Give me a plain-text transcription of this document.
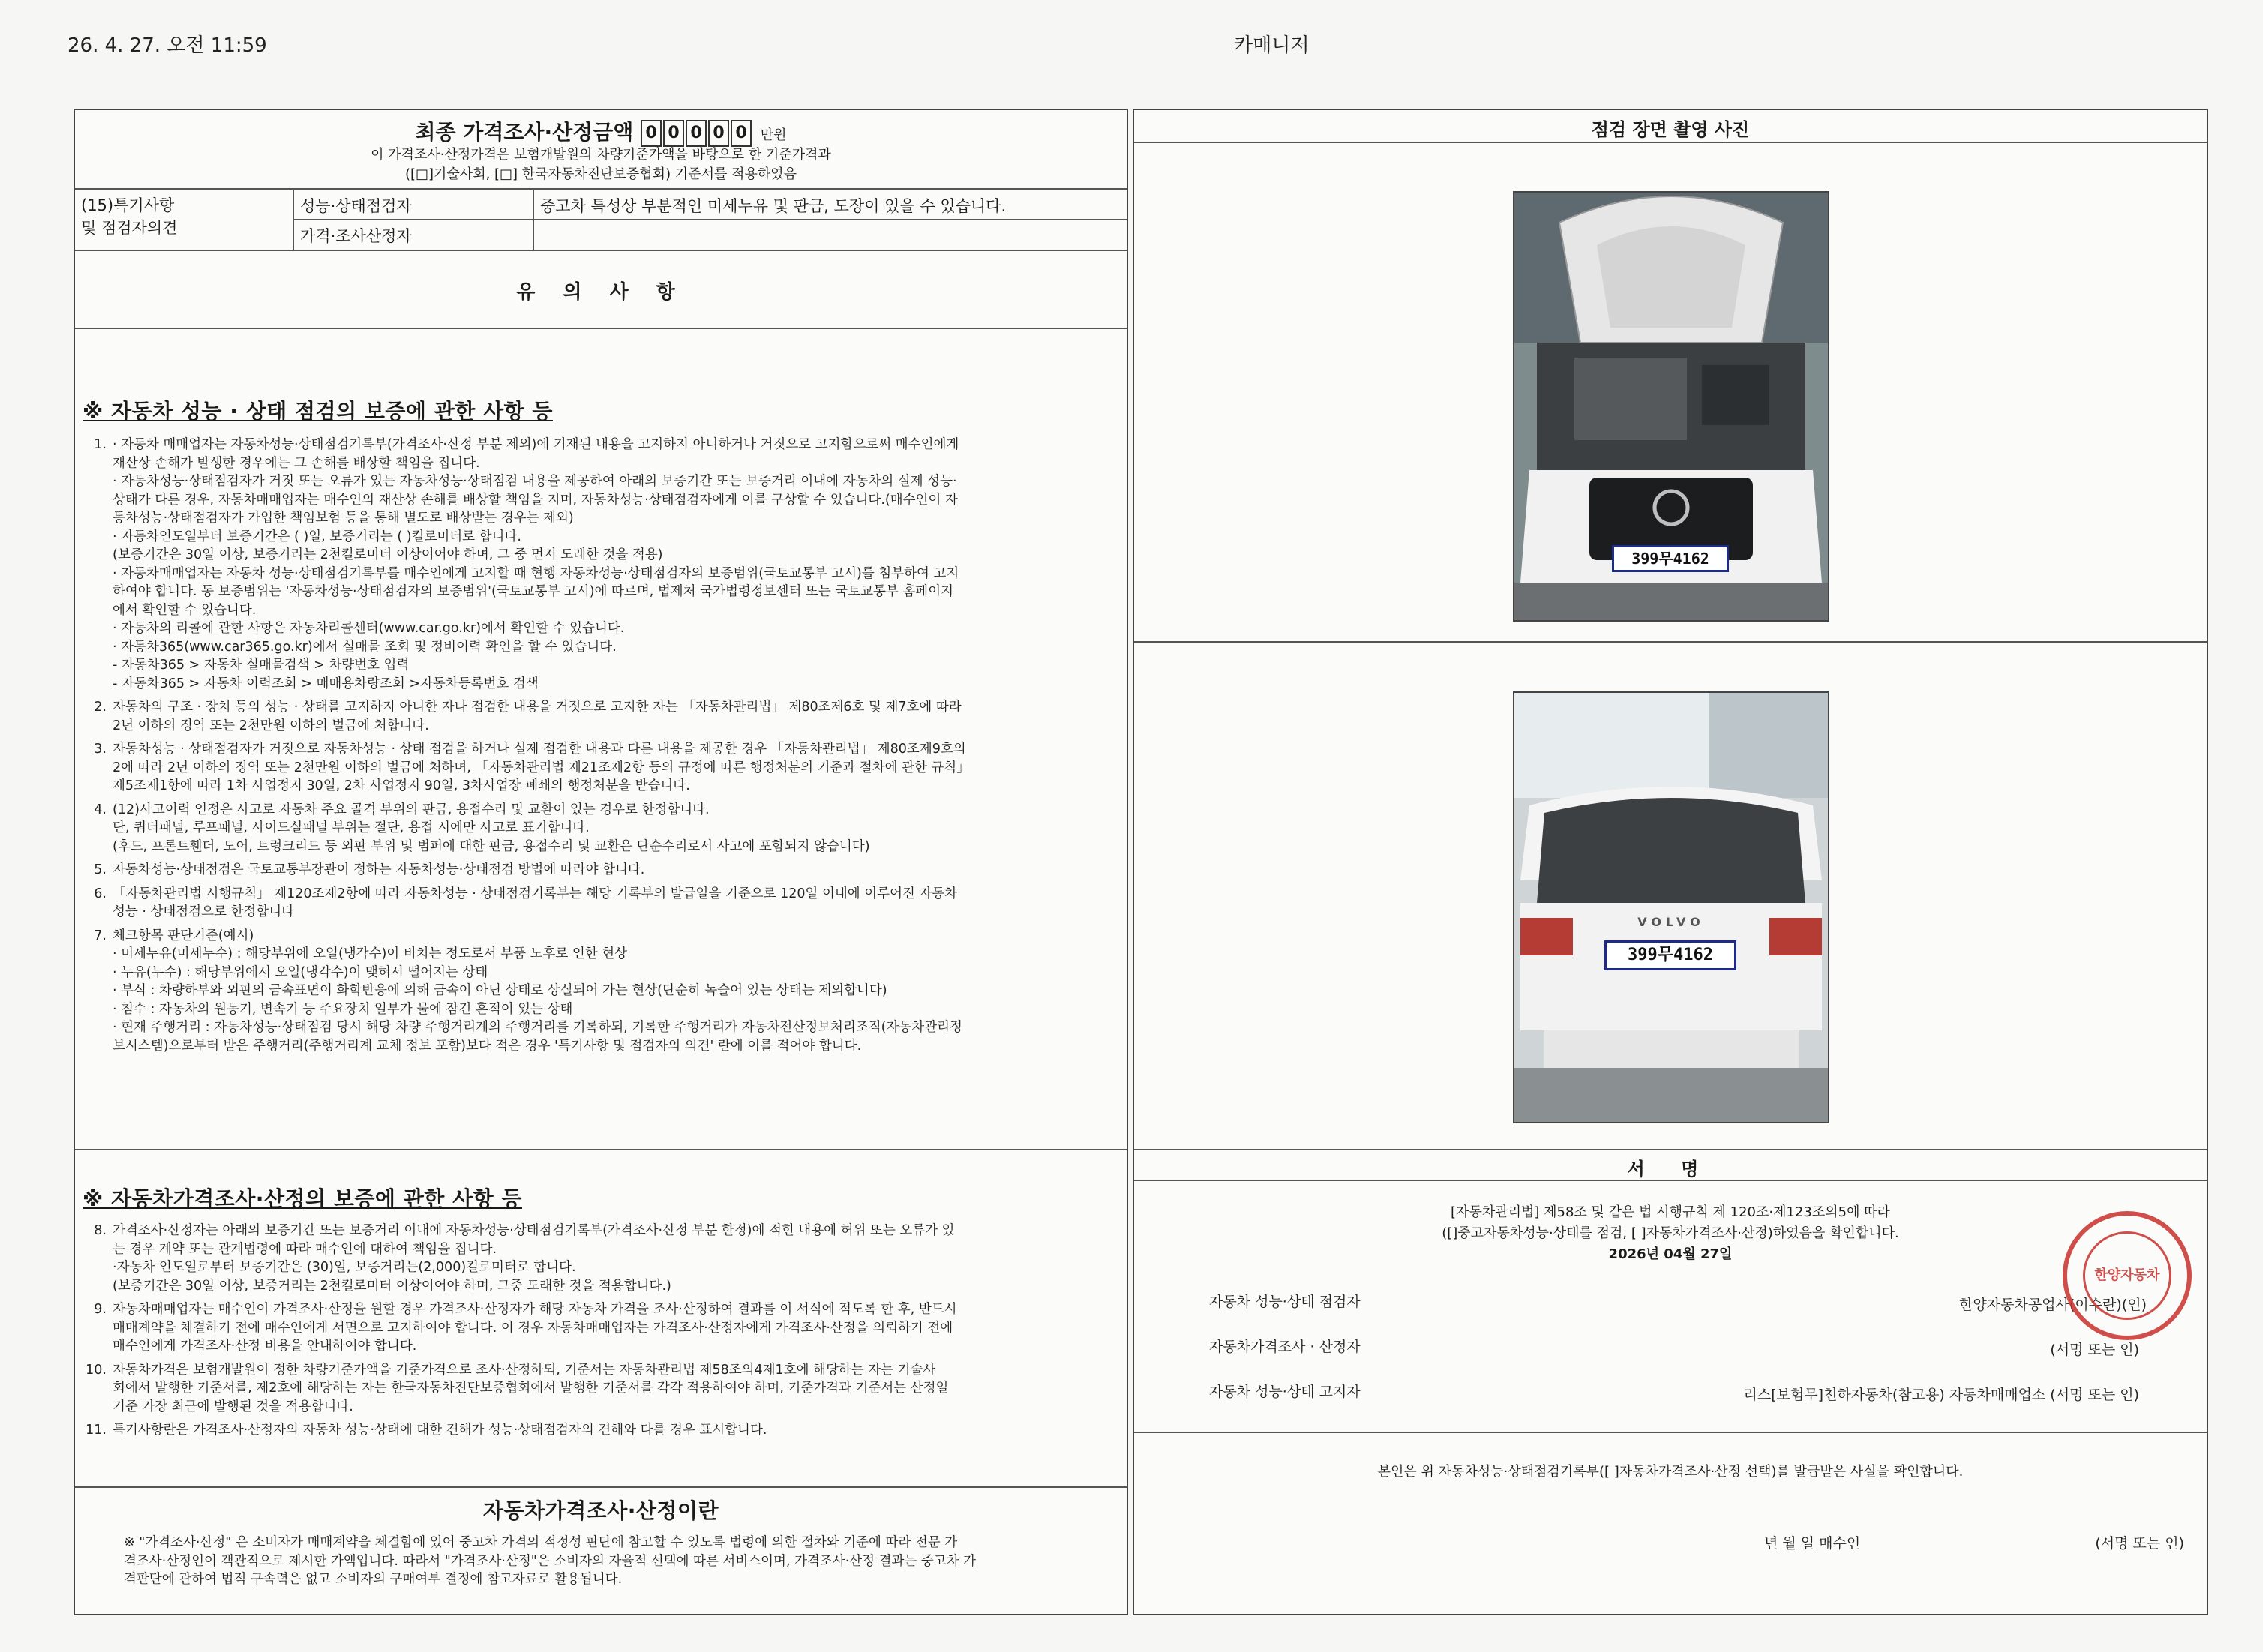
26. 4. 27. 오전 11:59	카매니저
최종 가격조사·산정금액 0 0 0 0 0 만원
이 가격조사·산정가격은 보험개발원의 차량기준가액을 바탕으로 한 기준가격과
([□]기술사회, [□] 한국자동차진단보증협회) 기준서를 적용하였음
(15)특기사항
및 점검자의견
성능·상태점검자	중고차 특성상 부분적인 미세누유 및 판금, 도장이 있을 수 있습니다.
가격·조사산정자
유 의 사 항
※ 자동차 성능 · 상태 점검의 보증에 관한 사항 등
1. · 자동차 매매업자는 자동차성능·상태점검기록부(가격조사·산정 부분 제외)에 기재된 내용을 고지하지 아니하거나 거짓으로 고지함으로써 매수인에게
재산상 손해가 발생한 경우에는 그 손해를 배상할 책임을 집니다.
· 자동차성능·상태점검자가 거짓 또는 오류가 있는 자동차성능·상태점검 내용을 제공하여 아래의 보증기간 또는 보증거리 이내에 자동차의 실제 성능·
상태가 다른 경우, 자동차매매업자는 매수인의 재산상 손해를 배상할 책임을 지며, 자동차성능·상태점검자에게 이를 구상할 수 있습니다.(매수인이 자
동차성능·상태점검자가 가입한 책임보험 등을 통해 별도로 배상받는 경우는 제외)
· 자동차인도일부터 보증기간은 ( )일, 보증거리는 ( )킬로미터로 합니다.
(보증기간은 30일 이상, 보증거리는 2천킬로미터 이상이어야 하며, 그 중 먼저 도래한 것을 적용)
· 자동차매매업자는 자동차 성능·상태점검기록부를 매수인에게 고지할 때 현행 자동차성능·상태점검자의 보증범위(국토교통부 고시)를 첨부하여 고지
하여야 합니다. 동 보증범위는 '자동차성능·상태점검자의 보증범위'(국토교통부 고시)에 따르며, 법제처 국가법령정보센터 또는 국토교통부 홈페이지
에서 확인할 수 있습니다.
· 자동차의 리콜에 관한 사항은 자동차리콜센터(www.car.go.kr)에서 확인할 수 있습니다.
· 자동차365(www.car365.go.kr)에서 실매물 조회 및 정비이력 확인을 할 수 있습니다.
- 자동차365 > 자동차 실매물검색 > 차량번호 입력
- 자동차365 > 자동차 이력조회 > 매매용차량조회 >자동차등록번호 검색
2. 자동차의 구조 · 장치 등의 성능 · 상태를 고지하지 아니한 자나 점검한 내용을 거짓으로 고지한 자는 「자동차관리법」 제80조제6호 및 제7호에 따라
2년 이하의 징역 또는 2천만원 이하의 벌금에 처합니다.
3. 자동차성능 · 상태점검자가 거짓으로 자동차성능 · 상태 점검을 하거나 실제 점검한 내용과 다른 내용을 제공한 경우 「자동차관리법」 제80조제9호의
2에 따라 2년 이하의 징역 또는 2천만원 이하의 벌금에 처하며, 「자동차관리법 제21조제2항 등의 규정에 따른 행정처분의 기준과 절차에 관한 규칙」
제5조제1항에 따라 1차 사업정지 30일, 2차 사업정지 90일, 3차사업장 폐쇄의 행정처분을 받습니다.
4. (12)사고이력 인정은 사고로 자동차 주요 골격 부위의 판금, 용접수리 및 교환이 있는 경우로 한정합니다.
단, 쿼터패널, 루프패널, 사이드실패널 부위는 절단, 용접 시에만 사고로 표기합니다.
(후드, 프론트휀더, 도어, 트렁크리드 등 외판 부위 및 범퍼에 대한 판금, 용접수리 및 교환은 단순수리로서 사고에 포함되지 않습니다)
5. 자동차성능·상태점검은 국토교통부장관이 정하는 자동차성능·상태점검 방법에 따라야 합니다.
6. 「자동차관리법 시행규칙」 제120조제2항에 따라 자동차성능 · 상태점검기록부는 해당 기록부의 발급일을 기준으로 120일 이내에 이루어진 자동차
성능 · 상태점검으로 한정합니다
7. 체크항목 판단기준(예시)
· 미세누유(미세누수) : 해당부위에 오일(냉각수)이 비치는 정도로서 부품 노후로 인한 현상
· 누유(누수) : 해당부위에서 오일(냉각수)이 맺혀서 떨어지는 상태
· 부식 : 차량하부와 외판의 금속표면이 화학반응에 의해 금속이 아닌 상태로 상실되어 가는 현상(단순히 녹슬어 있는 상태는 제외합니다)
· 침수 : 자동차의 원동기, 변속기 등 주요장치 일부가 물에 잠긴 흔적이 있는 상태
· 현재 주행거리 : 자동차성능·상태점검 당시 해당 차량 주행거리계의 주행거리를 기록하되, 기록한 주행거리가 자동차전산정보처리조직(자동차관리정
보시스템)으로부터 받은 주행거리(주행거리계 교체 정보 포함)보다 적은 경우 '특기사항 및 점검자의 의견' 란에 이를 적어야 합니다.
※ 자동차가격조사·산정의 보증에 관한 사항 등
8. 가격조사·산정자는 아래의 보증기간 또는 보증거리 이내에 자동차성능·상태점검기록부(가격조사·산정 부분 한정)에 적힌 내용에 허위 또는 오류가 있
는 경우 계약 또는 관계법령에 따라 매수인에 대하여 책임을 집니다.
·자동차 인도일로부터 보증기간은 (30)일, 보증거리는(2,000)킬로미터로 합니다.
(보증기간은 30일 이상, 보증거리는 2천킬로미터 이상이어야 하며, 그중 도래한 것을 적용합니다.)
9. 자동차매매업자는 매수인이 가격조사·산정을 원할 경우 가격조사·산정자가 해당 자동차 가격을 조사·산정하여 결과를 이 서식에 적도록 한 후, 반드시
매매계약을 체결하기 전에 매수인에게 서면으로 고지하여야 합니다. 이 경우 자동차매매업자는 가격조사·산정자에게 가격조사·산정을 의뢰하기 전에
매수인에게 가격조사·산정 비용을 안내하여야 합니다.
10. 자동차가격은 보험개발원이 정한 차량기준가액을 기준가격으로 조사·산정하되, 기준서는 자동차관리법 제58조의4제1호에 해당하는 자는 기술사
회에서 발행한 기준서를, 제2호에 해당하는 자는 한국자동차진단보증협회에서 발행한 기준서를 각각 적용하여야 하며, 기준가격과 기준서는 산정일
기준 가장 최근에 발행된 것을 적용합니다.
11. 특기사항란은 가격조사·산정자의 자동차 성능·상태에 대한 견해가 성능·상태점검자의 견해와 다를 경우 표시합니다.
자동차가격조사·산정이란
※ "가격조사·산정" 은 소비자가 매매계약을 체결함에 있어 중고차 가격의 적정성 판단에 참고할 수 있도록 법령에 의한 절차와 기준에 따라 전문 가
격조사·산정인이 객관적으로 제시한 가액입니다. 따라서 "가격조사·산정"은 소비자의 자율적 선택에 따른 서비스이며, 가격조사·산정 결과는 중고차 가
격판단에 관하여 법적 구속력은 없고 소비자의 구매여부 결정에 참고자료로 활용됩니다.
점검 장면 촬영 사진
399무4162
VOLVO
399무4162
서 명
[자동차관리법] 제58조 및 같은 법 시행규칙 제 120조·제123조의5에 따라
([]중고자동차성능·상태를 점검, [ ]자동차가격조사·산정)하였음을 확인합니다.
2026년 04월 27일
자동차 성능·상태 점검자	한양자동차공업사(이수란)(인)
자동차가격조사 · 산정자	(서명 또는 인)
자동차 성능·상태 고지자	리스[보험무]천하자동차(참고용) 자동차매매업소 (서명 또는 인)
한양자동차
본인은 위 자동차성능·상태점검기록부([ ]자동차가격조사·산정 선택)를 발급받은 사실을 확인합니다.
년 월 일 매수인	(서명 또는 인)
